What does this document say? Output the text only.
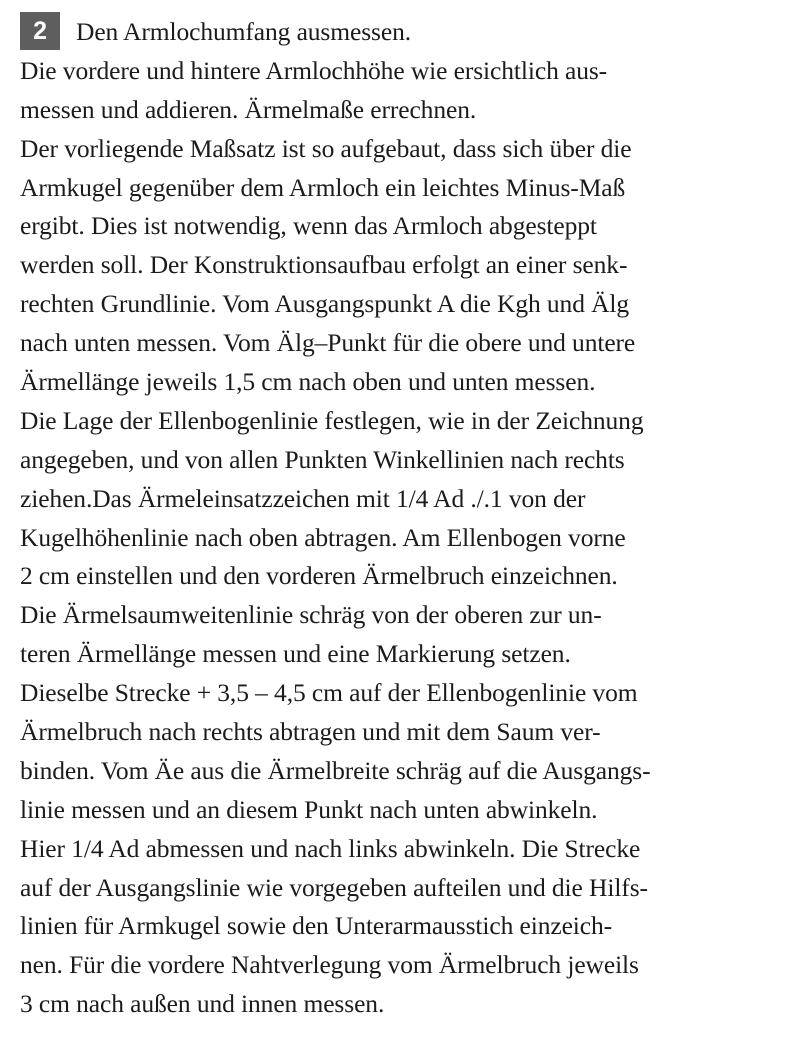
2	Den Armlochumfang ausmessen.
Die vordere und hintere Armlochhöhe wie ersichtlich aus-
messen und addieren. Ärmelmaße errechnen.
Der vorliegende Maßsatz ist so aufgebaut, dass sich über die
Armkugel gegenüber dem Armloch ein leichtes Minus-Maß
ergibt. Dies ist notwendig, wenn das Armloch abgesteppt
werden soll. Der Konstruktionsaufbau erfolgt an einer senk-
rechten Grundlinie. Vom Ausgangspunkt A die Kgh und Älg
nach unten messen. Vom Älg–Punkt für die obere und untere
Ärmellänge jeweils 1,5 cm nach oben und unten messen.
Die Lage der Ellenbogenlinie festlegen, wie in der Zeichnung
angegeben, und von allen Punkten Winkellinien nach rechts
ziehen.Das Ärmeleinsatzzeichen mit 1/4 Ad ./.1 von der
Kugelhöhenlinie nach oben abtragen. Am Ellenbogen vorne
2 cm einstellen und den vorderen Ärmelbruch einzeichnen.
Die Ärmelsaumweitenlinie schräg von der oberen zur un-
teren Ärmellänge messen und eine Markierung setzen.
Dieselbe Strecke + 3,5 – 4,5 cm auf der Ellenbogenlinie vom
Ärmelbruch nach rechts abtragen und mit dem Saum ver-
binden. Vom Äe aus die Ärmelbreite schräg auf die Ausgangs-
linie messen und an diesem Punkt nach unten abwinkeln.
Hier 1/4 Ad abmessen und nach links abwinkeln. Die Strecke
auf der Ausgangslinie wie vorgegeben aufteilen und die Hilfs-
linien für Armkugel sowie den Unterarmausstich einzeich-
nen. Für die vordere Nahtverlegung vom Ärmelbruch jeweils
3 cm nach außen und innen messen.
